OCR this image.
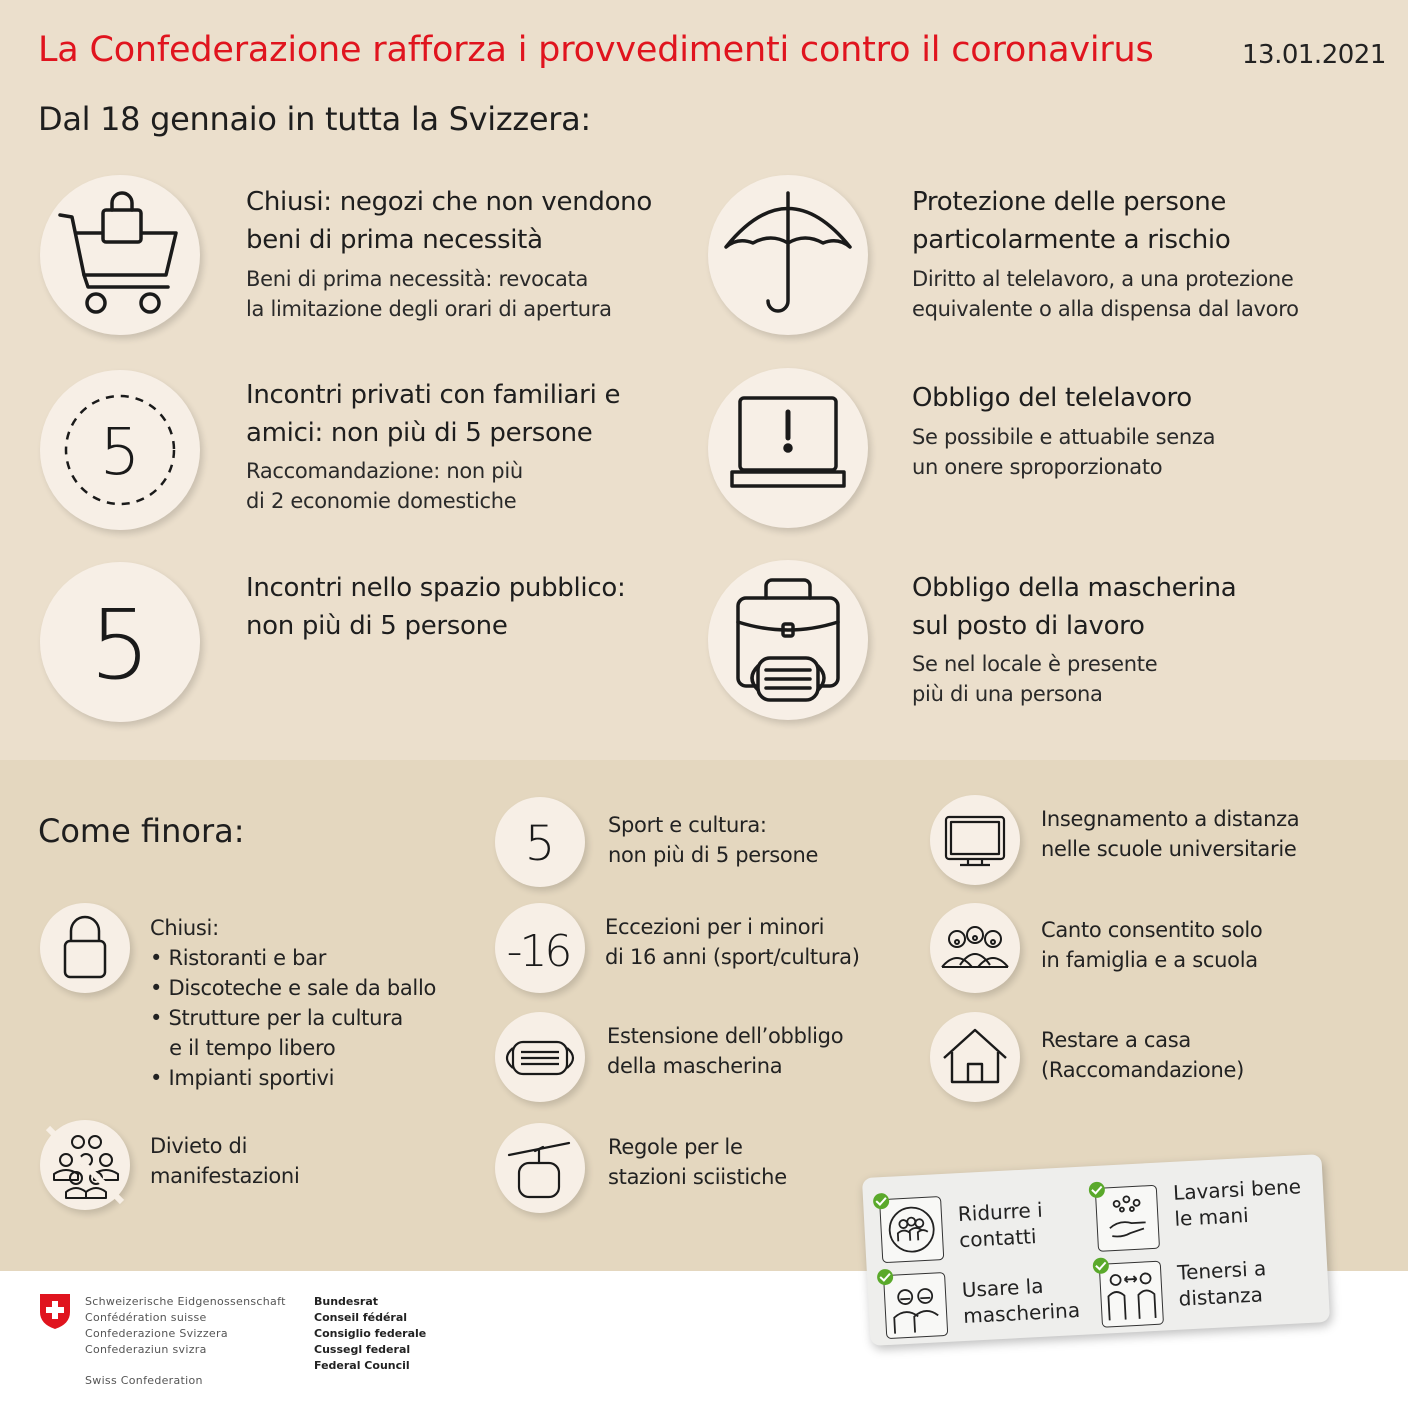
La Confederazione rafforza i provvedimenti contro il coronavirus	13.01.2021
Dal 18 gennaio in tutta la Svizzera:
Chiusi: negozi che non vendono
beni di prima necessità
Beni di prima necessità: revocata
la limitazione degli orari di apertura
5
Incontri privati con familiari e
amici: non più di 5 persone
Raccomandazione: non più
di 2 economie domestiche
5
Incontri nello spazio pubblico:
non più di 5 persone
Protezione delle persone
particolarmente a rischio
Diritto al telelavoro, a una protezione
equivalente o alla dispensa dal lavoro
Obbligo del telelavoro
Se possibile e attuabile senza
un onere sproporzionato
Obbligo della mascherina
sul posto di lavoro
Se nel locale è presente
più di una persona
Come finora:
Chiusi:
• Ristoranti e bar
• Discoteche e sale da ballo
• Strutture per la cultura
e il tempo libero
• Impianti sportivi
Divieto di
manifestazioni
5	Sport e cultura:
non più di 5 persone
-16 Eccezioni per i minori
di 16 anni (sport/cultura)
Estensione dell’obbligo
della mascherina
Regole per le
stazioni sciistiche
Insegnamento a distanza
nelle scuole universitarie
Canto consentito solo
in famiglia e a scuola
Restare a casa
(Raccomandazione)
Ridurre i
contatti
Lavarsi bene
le mani
Usare la
mascherina
Tenersi a
distanza
Schweizerische Eidgenossenschaft
Confédération suisse
Confederazione Svizzera
Confederaziun svizra
Swiss Confederation
Bundesrat
Conseil fédéral
Consiglio federale
Cussegl federal
Federal Council
